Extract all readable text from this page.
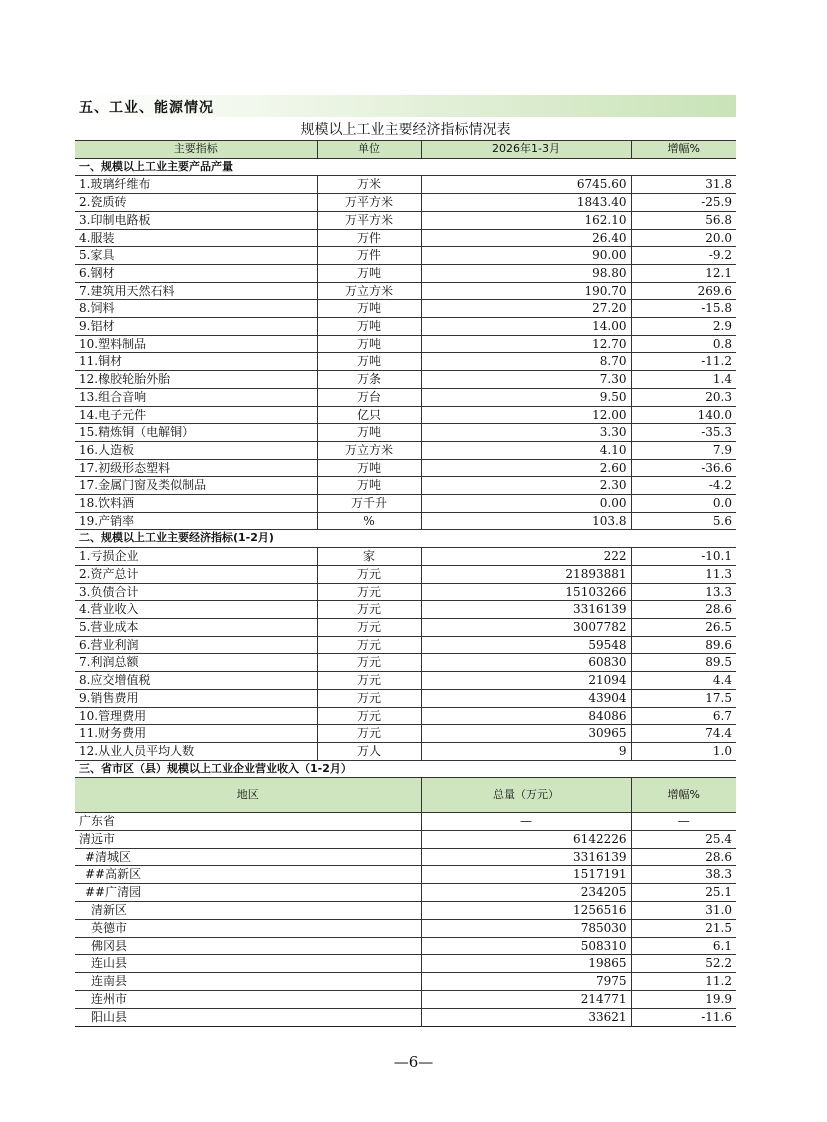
五、工业、能源情况
规模以上工业主要经济指标情况表
主要指标	单位	2026年1-3月	增幅%
一、规模以上工业主要产品产量			
1.玻璃纤维布	万米	6745.60	31.8
2.瓷质砖	万平方米	1843.40	-25.9
3.印制电路板	万平方米	162.10	56.8
4.服装	万件	26.40	20.0
5.家具	万件	90.00	-9.2
6.钢材	万吨	98.80	12.1
7.建筑用天然石料	万立方米	190.70	269.6
8.饲料	万吨	27.20	-15.8
9.铝材	万吨	14.00	2.9
10.塑料制品	万吨	12.70	0.8
11.铜材	万吨	8.70	-11.2
12.橡胶轮胎外胎	万条	7.30	1.4
13.组合音响	万台	9.50	20.3
14.电子元件	亿只	12.00	140.0
15.精炼铜（电解铜）	万吨	3.30	-35.3
16.人造板	万立方米	4.10	7.9
17.初级形态塑料	万吨	2.60	-36.6
17.金属门窗及类似制品	万吨	2.30	-4.2
18.饮料酒	万千升	0.00	0.0
19.产销率	%	103.8	5.6
二、规模以上工业主要经济指标(1-2月)			
1.亏损企业	家	222	-10.1
2.资产总计	万元	21893881	11.3
3.负债合计	万元	15103266	13.3
4.营业收入	万元	3316139	28.6
5.营业成本	万元	3007782	26.5
6.营业利润	万元	59548	89.6
7.利润总额	万元	60830	89.5
8.应交增值税	万元	21094	4.4
9.销售费用	万元	43904	17.5
10.管理费用	万元	84086	6.7
11.财务费用	万元	30965	74.4
12.从业人员平均人数	万人	9	1.0
三、省市区（县）规模以上工业企业营业收入（1-2月）			
地区	总量（万元）	增幅%
广东省	—	—
清远市	6142226	25.4
#清城区	3316139	28.6
##高新区	1517191	38.3
##广清园	234205	25.1
清新区	1256516	31.0
英德市	785030	21.5
佛冈县	508310	6.1
连山县	19865	52.2
连南县	7975	11.2
连州市	214771	19.9
阳山县	33621	-11.6
—6—
